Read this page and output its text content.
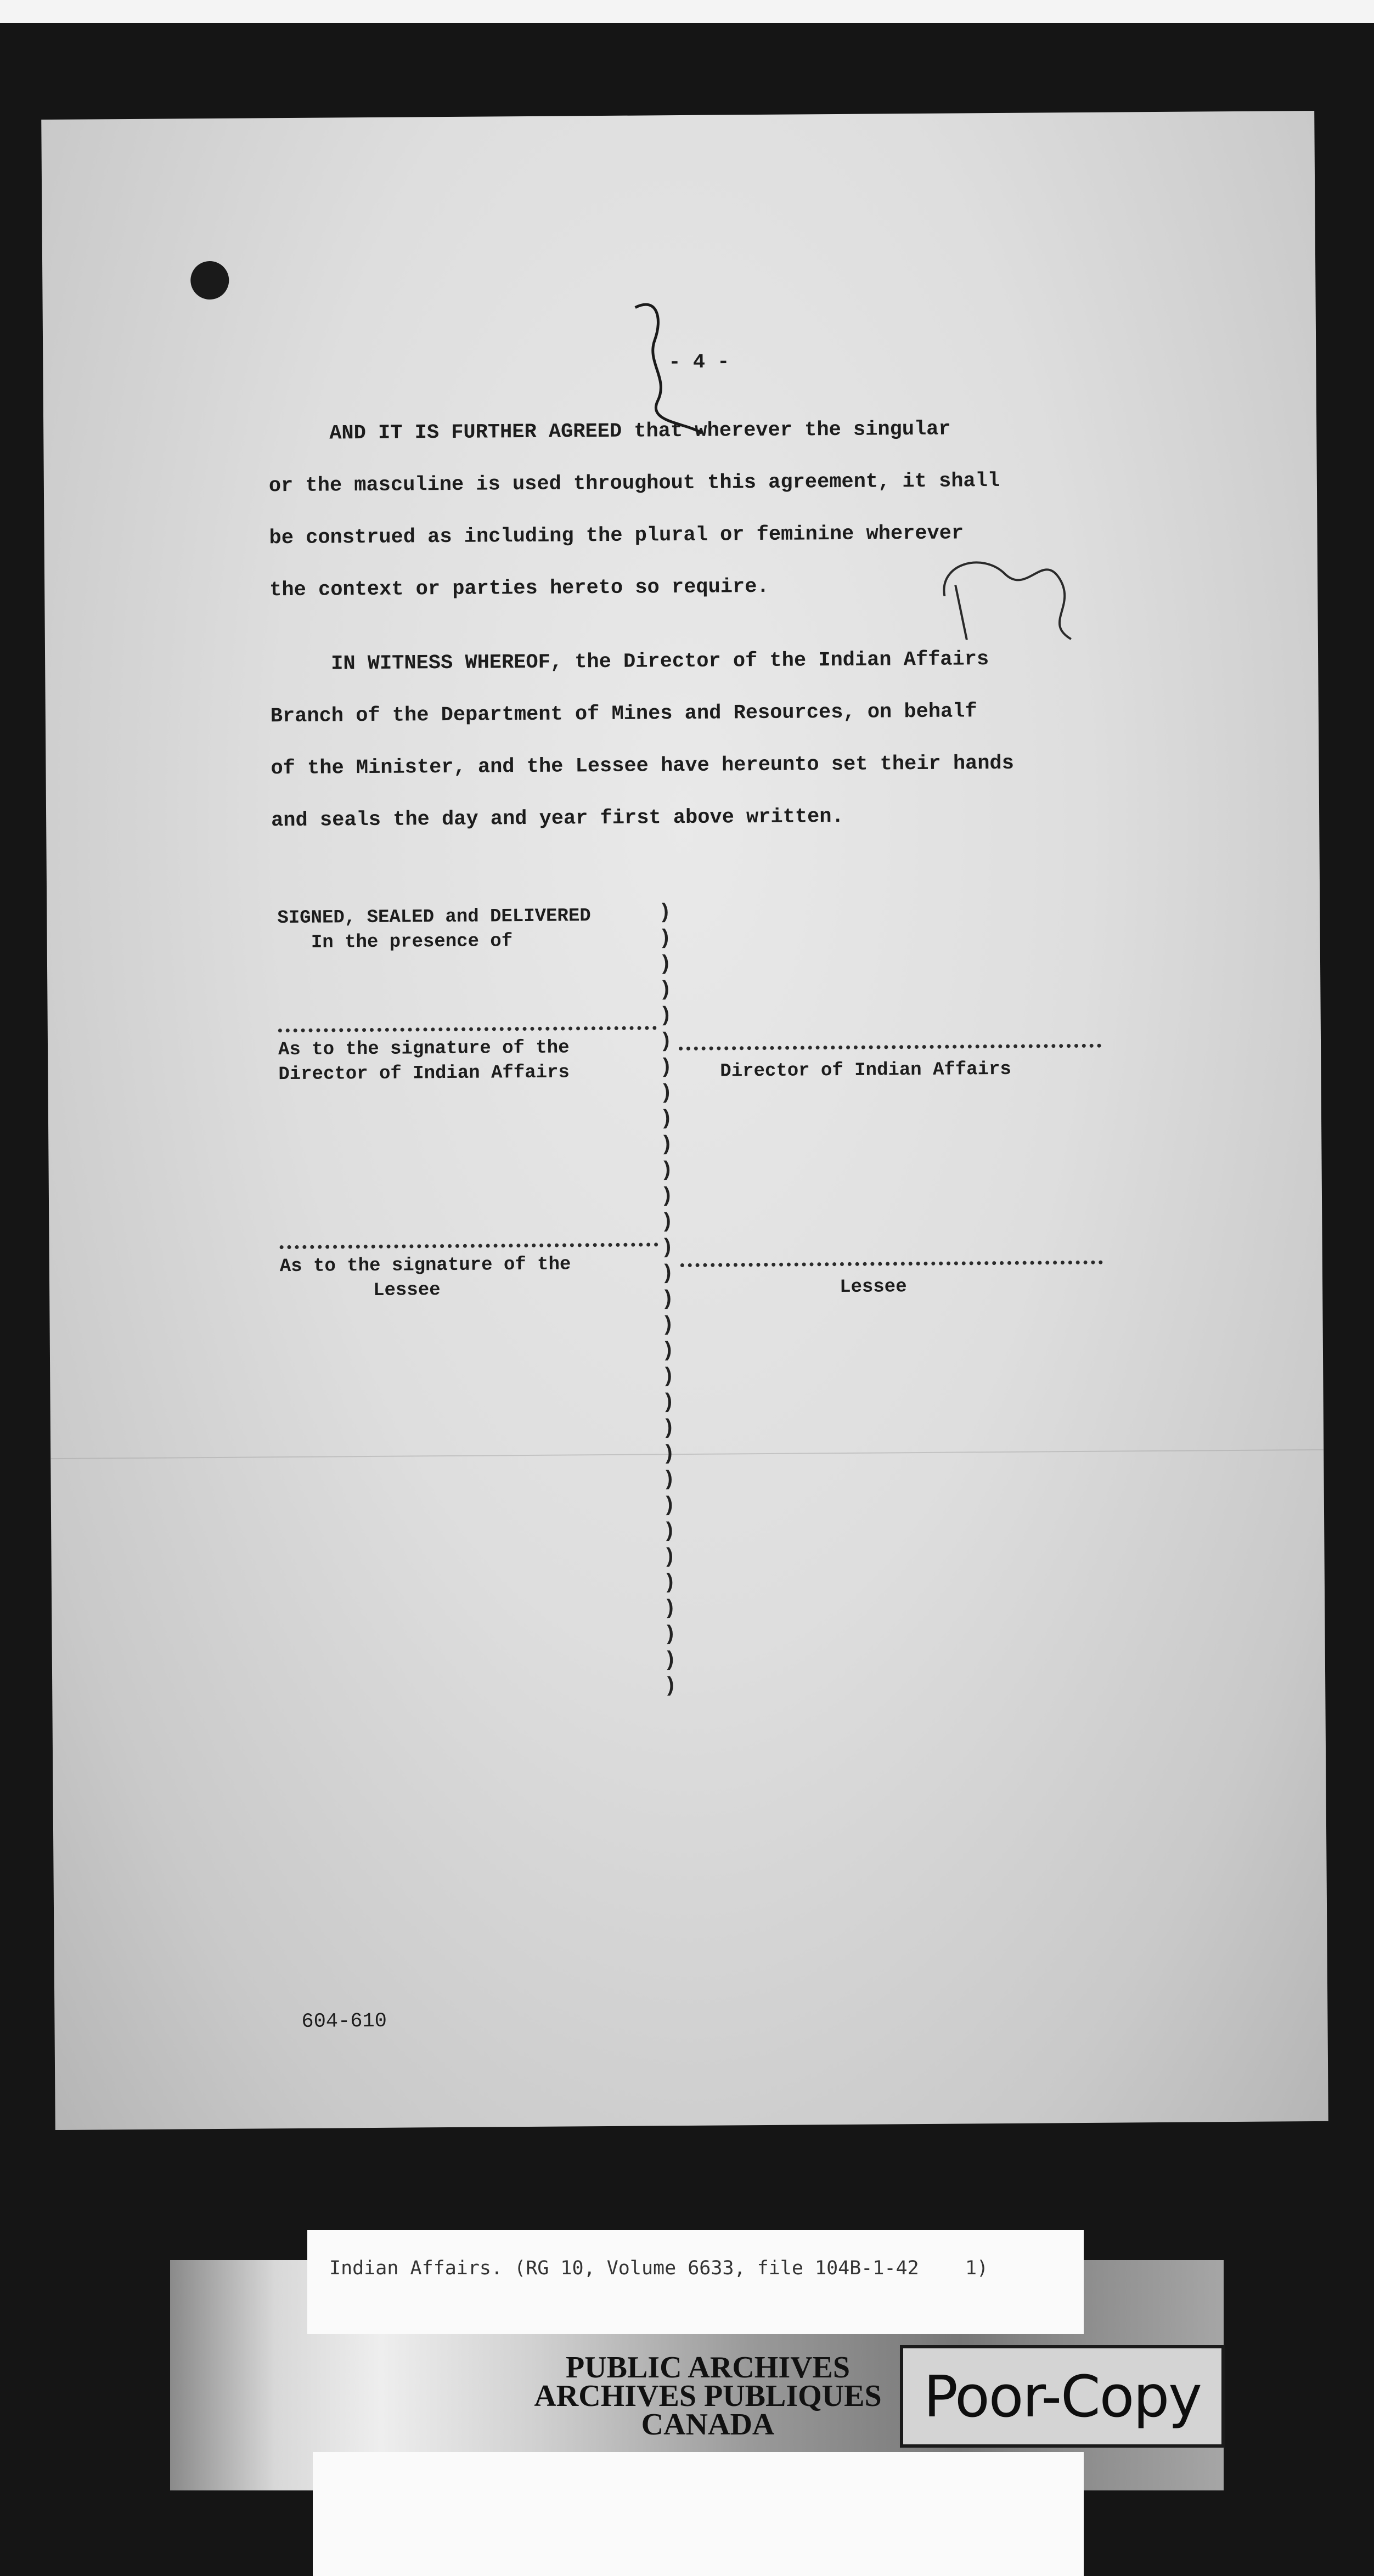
- 4 -
AND IT IS FURTHER AGREED that wherever the singular
or the masculine is used throughout this agreement, it shall
be construed as including the plural or feminine wherever
the context or parties hereto so require.
IN WITNESS WHEREOF, the Director of the Indian Affairs
Branch of the Department of Mines and Resources, on behalf
of the Minister, and the Lessee have hereunto set their hands
and seals the day and year first above written.
SIGNED, SEALED and DELIVERED
In the presence of
)
)
)
)
)
)
)
)
)
)
)
)
)
)
)
)
)
)
)
)
)
)
)
)
)
)
)
)
)
)
)
As to the signature of the
Director of Indian Affairs	Director of Indian Affairs
As to the signature of the
Lessee	Lessee
604-610
Indian Affairs. (RG 10, Volume 6633, file 104B-1-42    1)
PUBLIC ARCHIVES
ARCHIVES PUBLIQUES
CANADA	Poor-Copy
